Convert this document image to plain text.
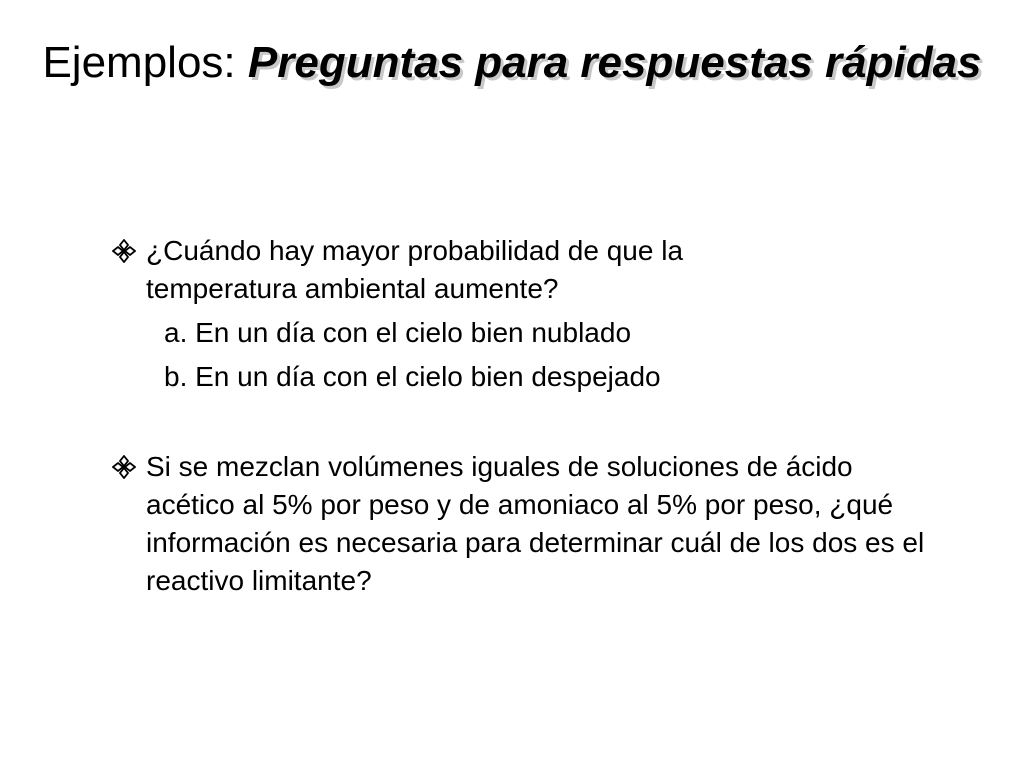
Ejemplos: Preguntas para respuestas rápidas
¿Cuándo hay mayor probabilidad de que la temperatura ambiental aumente?
a. En un día con el cielo bien nublado
b. En un día con el cielo bien despejado
Si se mezclan volúmenes iguales de soluciones de ácido acético al 5% por peso y de amoniaco al 5% por peso, ¿qué información es necesaria para determinar cuál de los dos es el reactivo limitante?
